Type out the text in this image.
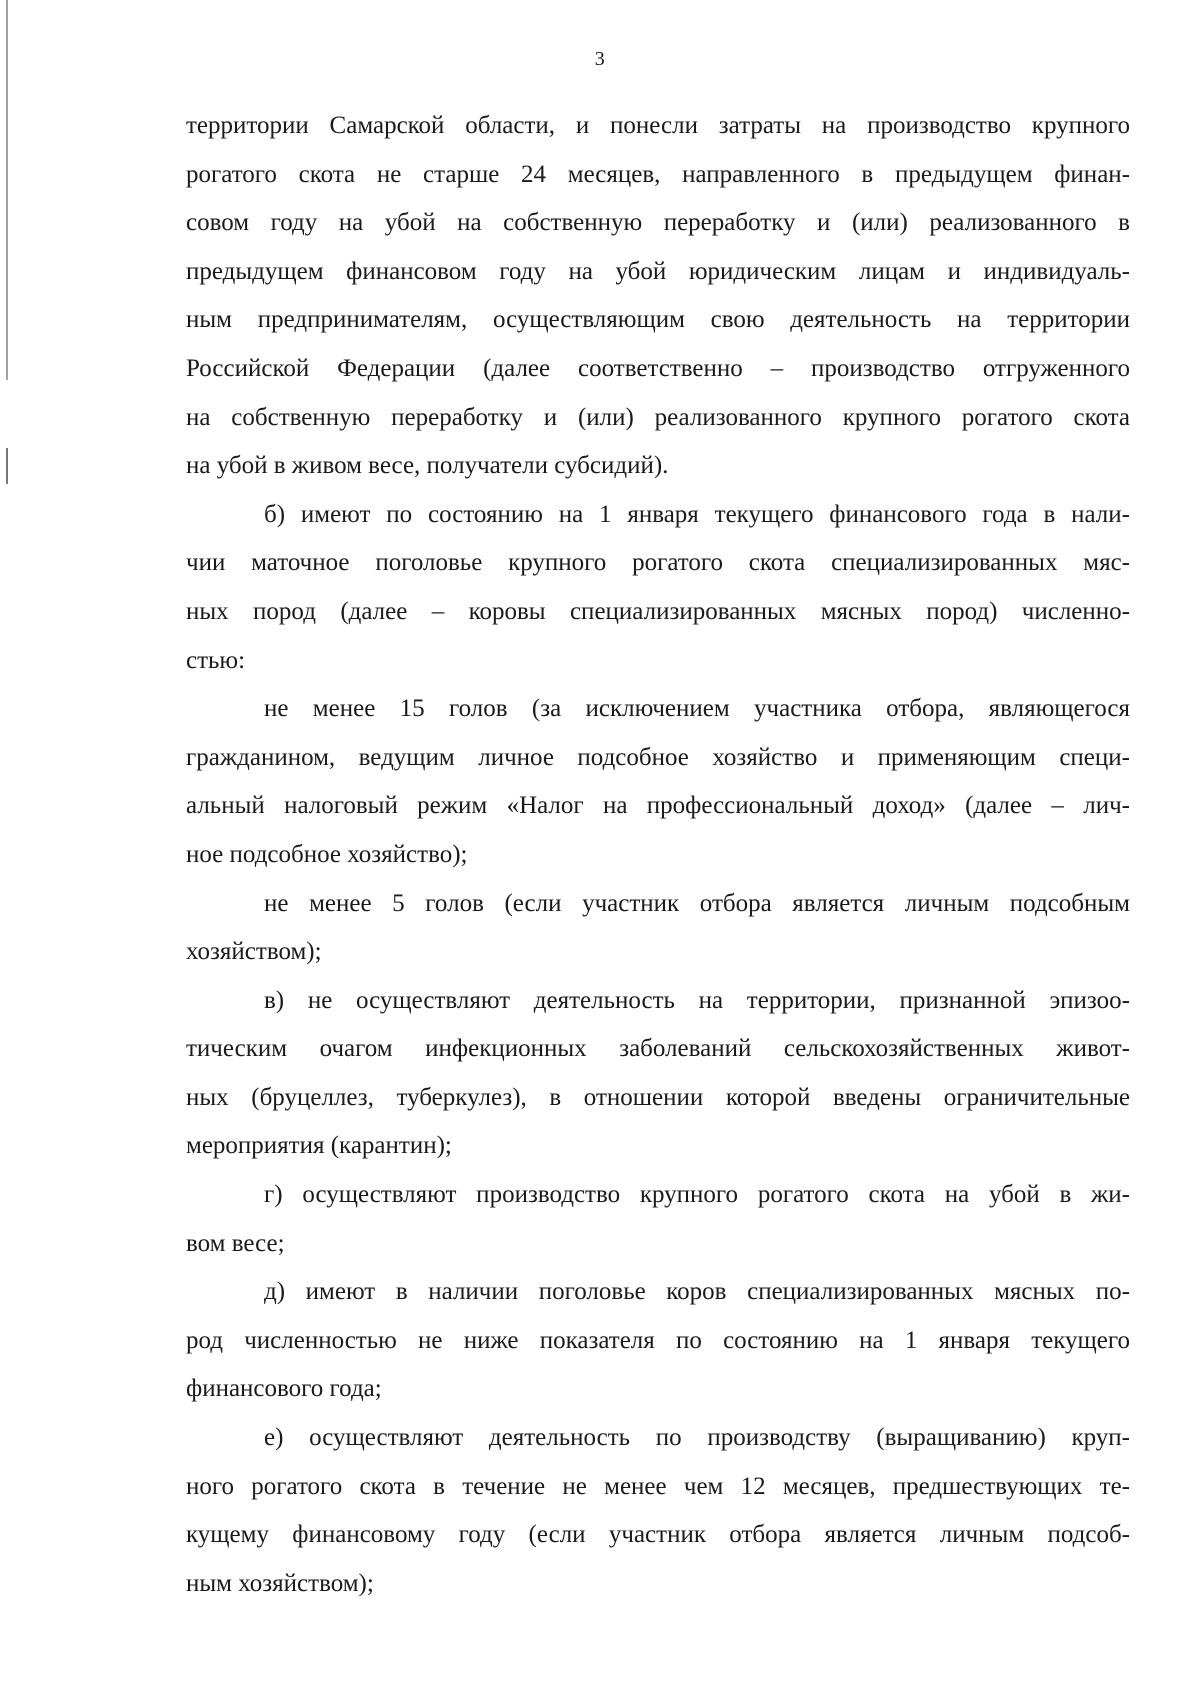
3
территории Самарской области, и понесли затраты на производство крупного
рогатого скота не старше 24 месяцев, направленного в предыдущем финан-
совом году на убой на собственную переработку и (или) реализованного в
предыдущем финансовом году на убой юридическим лицам и индивидуаль-
ным предпринимателям, осуществляющим свою деятельность на территории
Российской Федерации (далее соответственно – производство отгруженного
на собственную переработку и (или) реализованного крупного рогатого скота
на убой в живом весе, получатели субсидий).
б) имеют по состоянию на 1 января текущего финансового года в нали-
чии маточное поголовье крупного рогатого скота специализированных мяс-
ных пород (далее – коровы специализированных мясных пород) численно-
стью:
не менее 15 голов (за исключением участника отбора, являющегося
гражданином, ведущим личное подсобное хозяйство и применяющим специ-
альный налоговый режим «Налог на профессиональный доход» (далее – лич-
ное подсобное хозяйство);
не менее 5 голов (если участник отбора является личным подсобным
хозяйством);
в) не осуществляют деятельность на территории, признанной эпизоо-
тическим очагом инфекционных заболеваний сельскохозяйственных живот-
ных (бруцеллез, туберкулез), в отношении которой введены ограничительные
мероприятия (карантин);
г) осуществляют производство крупного рогатого скота на убой в жи-
вом весе;
д) имеют в наличии поголовье коров специализированных мясных по-
род численностью не ниже показателя по состоянию на 1 января текущего
финансового года;
е) осуществляют деятельность по производству (выращиванию) круп-
ного рогатого скота в течение не менее чем 12 месяцев, предшествующих те-
кущему финансовому году (если участник отбора является личным подсоб-
ным хозяйством);
